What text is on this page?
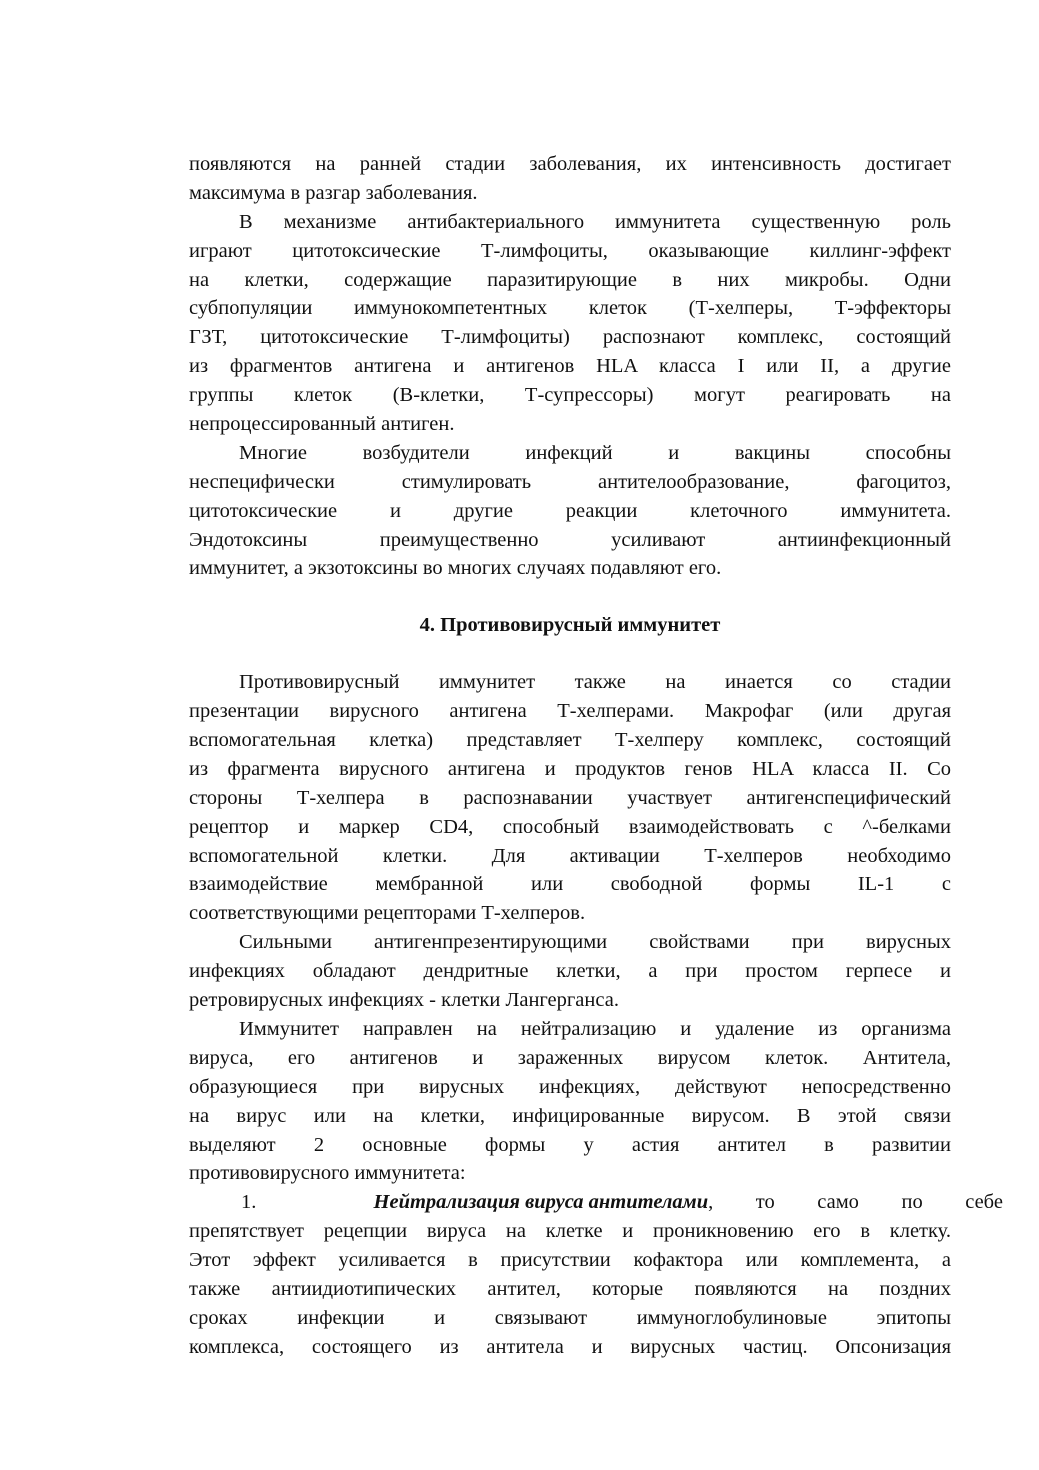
появляются на ранней стадии заболевания, их интенсивность достигает
максимума в разгар заболевания.
В механизме антибактериального иммунитета существенную роль
играют цитотоксические Т-лимфоциты, оказывающие киллинг-эффект
на клетки, содержащие паразитирующие в них микробы. Одни
субпопуляции иммунокомпетентных клеток (Т-хелперы, Т-эффекторы
ГЗТ, цитотоксические Т-лимфоциты) распознают комплекс, состоящий
из фрагментов антигена и антигенов HLA класса I или II, а другие
группы клеток (В-клетки, Т-супрессоры) могут реагировать на
непроцессированный антиген.
Многие возбудители инфекций и вакцины способны
неспецифически стимулировать антителообразование, фагоцитоз,
цитотоксические и другие реакции клеточного иммунитета.
Эндотоксины преимущественно усиливают антиинфекционный
иммунитет, а экзотоксины во многих случаях подавляют его.
4. Противовирусный иммунитет
Противовирусный иммунитет также на инается со стадии
презентации вирусного антигена Т-хелперами. Макрофаг (или другая
вспомогательная клетка) представляет Т-хелперу комплекс, состоящий
из фрагмента вирусного антигена и продуктов генов HLA класса II. Со
стороны Т-хелпера в распознавании участвует антигенспецифический
рецептор и маркер CD4, способный взаимодействовать с ^-белками
вспомогательной клетки. Для активации Т-хелперов необходимо
взаимодействие мембранной или свободной формы IL-1 с
соответствующими рецепторами Т-хелперов.
Сильными антигенпрезентирующими свойствами при вирусных
инфекциях обладают дендритные клетки, а при простом герпесе и
ретровирусных инфекциях - клетки Лангерганса.
Иммунитет направлен на нейтрализацию и удаление из организма
вируса, его антигенов и зараженных вирусом клеток. Антитела,
образующиеся при вирусных инфекциях, действуют непосредственно
на вирус или на клетки, инфицированные вирусом. В этой связи
выделяют 2 основные формы у астия антител в развитии
противовирусного иммунитета:
1.	Нейтрализация вируса антителами, то само по себе
препятствует рецепции вируса на клетке и проникновению его в клетку.
Этот эффект усиливается в присутствии кофактора или комплемента, а
также антиидиотипических антител, которые появляются на поздних
сроках инфекции и связывают иммуноглобулиновые эпитопы
комплекса, состоящего из антитела и вирусных частиц. Опсонизация
